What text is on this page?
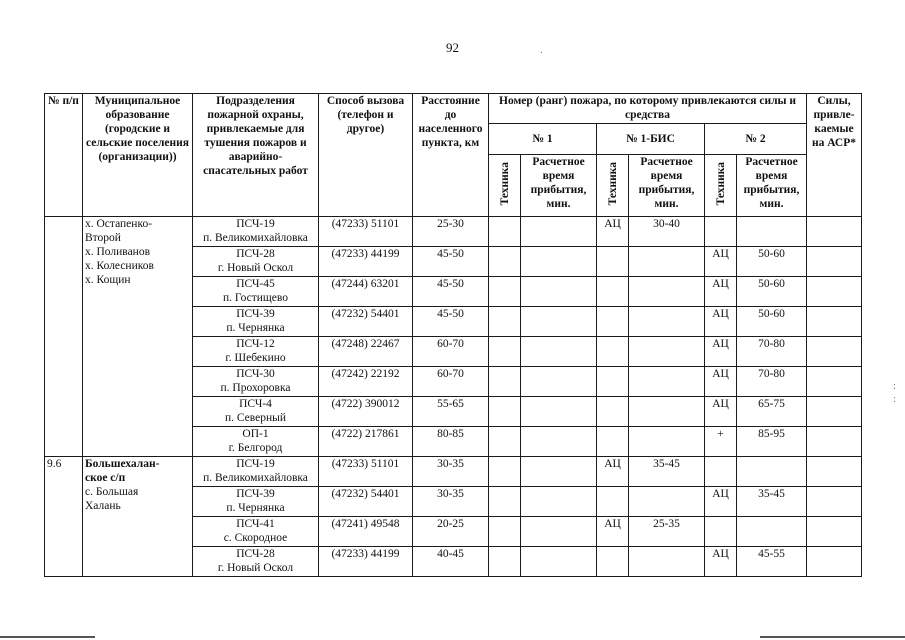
92	.
:
:
№ п/п	Муниципальное образование (городские и сельские поселения (организации))	Подразделения пожарной охраны, привлекаемые для тушения пожаров и аварийно-спасательных работ	Способ вызова (телефон и другое)	Расстояние до населенного пункта, км	Номер (ранг) пожара, по которому привлекаются силы и средства						Силы, привле-каемые на АСР*
					№ 1		№ 1-БИС		№ 2		
					Техника	Расчетное время прибытия, мин.	Техника	Расчетное время прибытия, мин.	Техника	Расчетное время прибытия, мин.	

	х. Остапенко-
Второй
х. Поливанов
х. Колесников
х. Кощин	ПСЧ-19
п. Великомихайловка	(47233) 51101	25-30			АЦ	30-40			

		ПСЧ-28
г. Новый Оскол	(47233) 44199	45-50					АЦ	50-60	

		ПСЧ-45
п. Гостищево	(47244) 63201	45-50					АЦ	50-60	

		ПСЧ-39
п. Чернянка	(47232) 54401	45-50					АЦ	50-60	

		ПСЧ-12
г. Шебекино	(47248) 22467	60-70					АЦ	70-80	

		ПСЧ-30
п. Прохоровка	(47242) 22192	60-70					АЦ	70-80	

		ПСЧ-4
п. Северный	(4722) 390012	55-65					АЦ	65-75	

		ОП-1
г. Белгород	(4722) 217861	80-85					+	85-95	
9.6	Большехалан-
ское с/п
с. Большая
Халань	ПСЧ-19
п. Великомихайловка	(47233) 51101	30-35			АЦ	35-45			

		ПСЧ-39
п. Чернянка	(47232) 54401	30-35					АЦ	35-45	

		ПСЧ-41
с. Скородное	(47241) 49548	20-25			АЦ	25-35			

		ПСЧ-28
г. Новый Оскол	(47233) 44199	40-45					АЦ	45-55	
